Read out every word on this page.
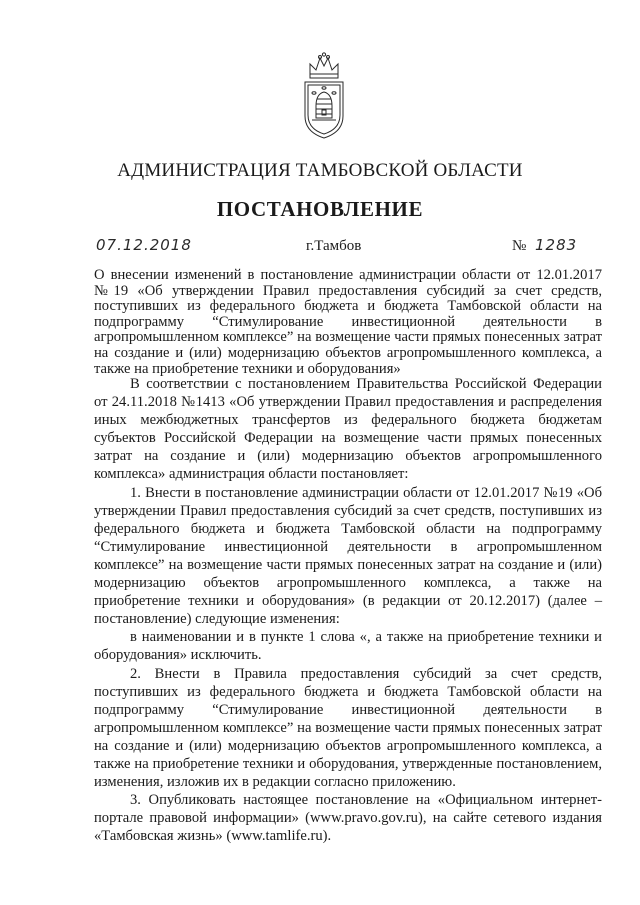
АДМИНИСТРАЦИЯ ТАМБОВСКОЙ ОБЛАСТИ
ПОСТАНОВЛЕНИЕ
07.12.2018	г.Тамбов	№ 1283
О внесении изменений в постановление администрации области от 12.01.2017 №19 «Об утверждении Правил предоставления субсидий за счет средств, поступивших из федерального бюджета и бюджета Тамбовской области на подпрограмму “Стимулирование инвестиционной деятельности в агропромышленном комплексе” на возмещение части прямых понесенных затрат на создание и (или) модернизацию объектов агропромышленного комплекса, а также на приобретение техники и оборудования»

В соответствии с постановлением Правительства Российской Федерации от 24.11.2018 №1413 «Об утверждении Правил предоставления и распределения иных межбюджетных трансфертов из федерального бюджета бюджетам субъектов Российской Федерации на возмещение части прямых понесенных затрат на создание и (или) модернизацию объектов агропромышленного комплекса» администрация области постановляет:

1. Внести в постановление администрации области от 12.01.2017 №19 «Об утверждении Правил предоставления субсидий за счет средств, поступивших из федерального бюджета и бюджета Тамбовской области на подпрограмму “Стимулирование инвестиционной деятельности в агропромышленном комплексе” на возмещение части прямых понесенных затрат на создание и (или) модернизацию объектов агропромышленного комплекса, а также на приобретение техники и оборудования» (в редакции от 20.12.2017) (далее – постановление) следующие изменения:

в наименовании и в пункте 1 слова «, а также на приобретение техники и оборудования» исключить.

2. Внести в Правила предоставления субсидий за счет средств, поступивших из федерального бюджета и бюджета Тамбовской области на подпрограмму “Стимулирование инвестиционной деятельности в агропромышленном комплексе” на возмещение части прямых понесенных затрат на создание и (или) модернизацию объектов агропромышленного комплекса, а также на приобретение техники и оборудования, утвержденные постановлением, изменения, изложив их в редакции согласно приложению.

3. Опубликовать настоящее постановление на «Официальном интернет-портале правовой информации» (www.pravo.gov.ru), на сайте сетевого издания «Тамбовская жизнь» (www.tamlife.ru).
